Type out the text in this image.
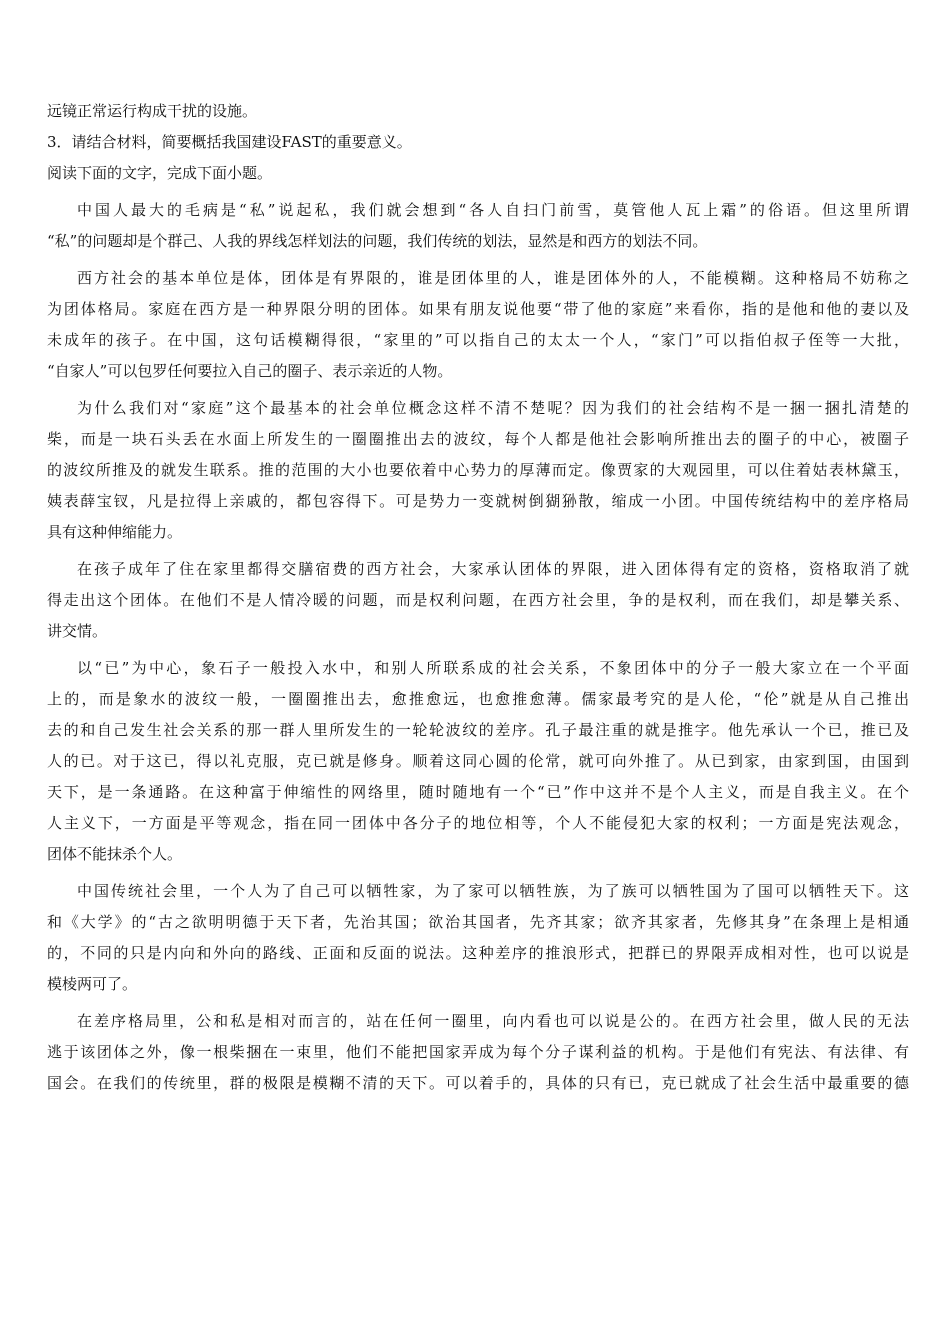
远镜正常运行构成干扰的设施。
3．请结合材料，简要概括我国建设FAST的重要意义。
阅读下面的文字，完成下面小题。
中国人最大的毛病是“私”说起私，我们就会想到“各人自扫门前雪，莫管他人瓦上霜”的俗语。但这里所谓
“私”的问题却是个群己、人我的界线怎样划法的问题，我们传统的划法，显然是和西方的划法不同。
西方社会的基本单位是体，团体是有界限的，谁是团体里的人，谁是团体外的人，不能模糊。这种格局不妨称之
为团体格局。家庭在西方是一种界限分明的团体。如果有朋友说他要“带了他的家庭”来看你，指的是他和他的妻以及
未成年的孩子。在中国，这句话模糊得很，“家里的”可以指自己的太太一个人，“家门”可以指伯叔子侄等一大批，
“自家人”可以包罗任何要拉入自己的圈子、表示亲近的人物。
为什么我们对“家庭”这个最基本的社会单位概念这样不清不楚呢？因为我们的社会结构不是一捆一捆扎清楚的
柴，而是一块石头丢在水面上所发生的一圈圈推出去的波纹，每个人都是他社会影响所推出去的圈子的中心，被圈子
的波纹所推及的就发生联系。推的范围的大小也要依着中心势力的厚薄而定。像贾家的大观园里，可以住着姑表林黛玉，
姨表薛宝钗，凡是拉得上亲戚的，都包容得下。可是势力一变就树倒猢狲散，缩成一小团。中国传统结构中的差序格局
具有这种伸缩能力。
在孩子成年了住在家里都得交膳宿费的西方社会，大家承认团体的界限，进入团体得有定的资格，资格取消了就
得走出这个团体。在他们不是人情冷暖的问题，而是权利问题，在西方社会里，争的是权利，而在我们，却是攀关系、
讲交情。
以“已”为中心，象石子一般投入水中，和别人所联系成的社会关系，不象团体中的分子一般大家立在一个平面
上的，而是象水的波纹一般，一圈圈推出去，愈推愈远，也愈推愈薄。儒家最考究的是人伦，“伦”就是从自己推出
去的和自己发生社会关系的那一群人里所发生的一轮轮波纹的差序。孔子最注重的就是推字。他先承认一个已，推已及
人的已。对于这已，得以礼克服，克已就是修身。顺着这同心圆的伦常，就可向外推了。从已到家，由家到国，由国到
天下，是一条通路。在这种富于伸缩性的网络里，随时随地有一个“已”作中这并不是个人主义，而是自我主义。在个
人主义下，一方面是平等观念，指在同一团体中各分子的地位相等，个人不能侵犯大家的权利；一方面是宪法观念，
团体不能抹杀个人。
中国传统社会里，一个人为了自己可以牺牲家，为了家可以牺牲族，为了族可以牺牲国为了国可以牺牲天下。这
和《大学》的“古之欲明明德于天下者，先治其国；欲治其国者，先齐其家；欲齐其家者，先修其身”在条理上是相通
的，不同的只是内向和外向的路线、正面和反面的说法。这种差序的推浪形式，把群已的界限弄成相对性，也可以说是
模棱两可了。
在差序格局里，公和私是相对而言的，站在任何一圈里，向内看也可以说是公的。在西方社会里，做人民的无法
逃于该团体之外，像一根柴捆在一束里，他们不能把国家弄成为每个分子谋利益的机构。于是他们有宪法、有法律、有
国会。在我们的传统里，群的极限是模糊不清的天下。可以着手的，具体的只有已，克已就成了社会生活中最重要的德
